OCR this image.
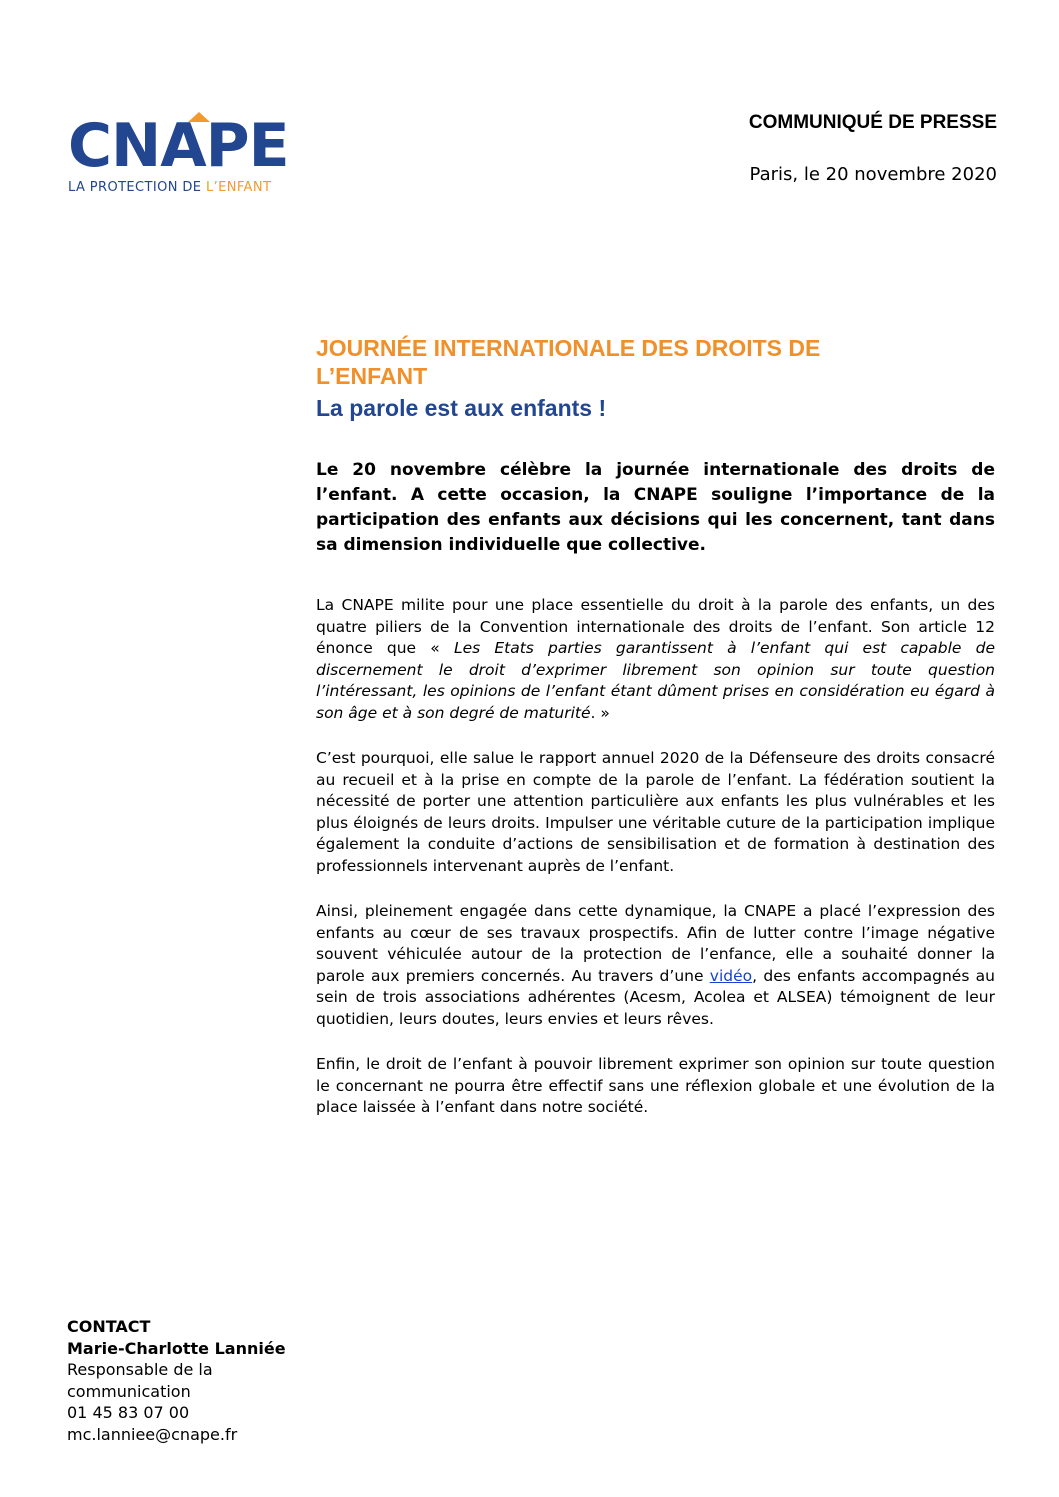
CNAPE
LA PROTECTION DE L’ENFANT
COMMUNIQUÉ DE PRESSE
Paris, le 20 novembre 2020
JOURNÉE INTERNATIONALE DES DROITS DE L’ENFANT
La parole est aux enfants !

Le 20 novembre célèbre la journée internationale des droits de l’enfant. A cette occasion, la CNAPE souligne l’importance de la participation des enfants aux décisions qui les concernent, tant dans sa dimension individuelle que collective.

La CNAPE milite pour une place essentielle du droit à la parole des enfants, un des quatre piliers de la Convention internationale des droits de l’enfant. Son article 12 énonce que « Les Etats parties garantissent à l’enfant qui est capable de discernement le droit d’exprimer librement son opinion sur toute question l’intéressant, les opinions de l’enfant étant dûment prises en considération eu égard à son âge et à son degré de maturité. »

C’est pourquoi, elle salue le rapport annuel 2020 de la Défenseure des droits consacré au recueil et à la prise en compte de la parole de l’enfant. La fédération soutient la nécessité de porter une attention particulière aux enfants les plus vulnérables et les plus éloignés de leurs droits. Impulser une véritable cuture de la participation implique également la conduite d’actions de sensibilisation et de formation à destination des professionnels intervenant auprès de l’enfant.

Ainsi, pleinement engagée dans cette dynamique, la CNAPE a placé l’expression des enfants au cœur de ses travaux prospectifs. Afin de lutter contre l’image négative souvent véhiculée autour de la protection de l’enfance, elle a souhaité donner la parole aux premiers concernés. Au travers d’une vidéo, des enfants accompagnés au sein de trois associations adhérentes (Acesm, Acolea et ALSEA) témoignent de leur quotidien, leurs doutes, leurs envies et leurs rêves.

Enfin, le droit de l’enfant à pouvoir librement exprimer son opinion sur toute question le concernant ne pourra être effectif sans une réflexion globale et une évolution de la place laissée à l’enfant dans notre société.

CONTACT
Marie-Charlotte Lanniée
Responsable de la communication
01 45 83 07 00
mc.lanniee@cnape.fr
